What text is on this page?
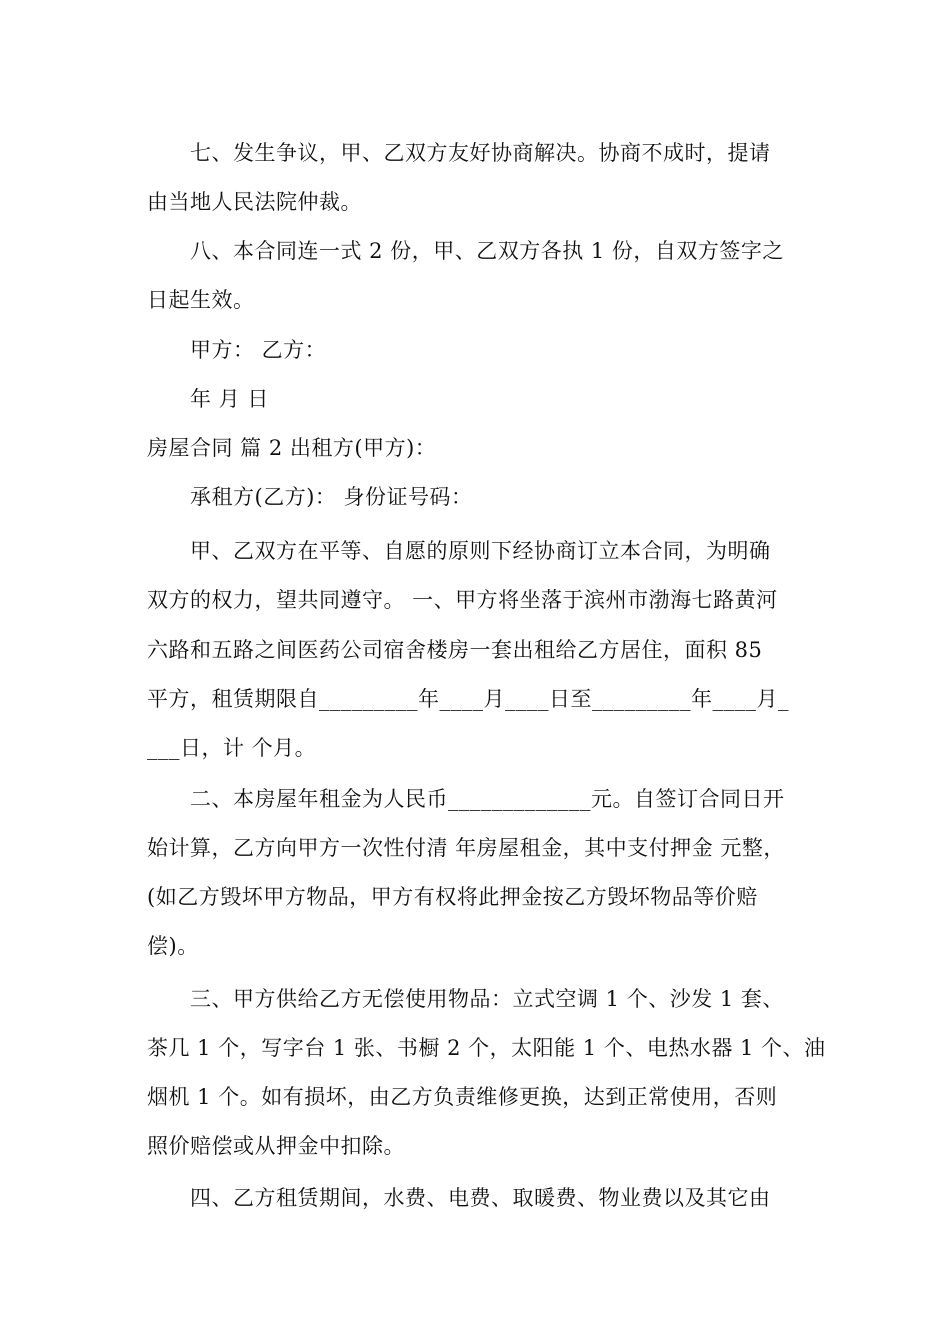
七、发生争议，甲、乙双方友好协商解决。协商不成时，提请
由当地人民法院仲裁。
八、本合同连一式 2 份，甲、乙双方各执 1 份，自双方签字之
日起生效。
甲方： 乙方：
年 月 日
房屋合同 篇 2 出租方(甲方)：
承租方(乙方)： 身份证号码：
甲、乙双方在平等、自愿的原则下经协商订立本合同，为明确
双方的权力，望共同遵守。 一、甲方将坐落于滨州市渤海七路黄河
六路和五路之间医药公司宿舍楼房一套出租给乙方居住，面积 85
平方，租赁期限自_________年____月____日至_________年____月_
___日，计 个月。
二、本房屋年租金为人民币_____________元。自签订合同日开
始计算，乙方向甲方一次性付清 年房屋租金，其中支付押金 元整，
(如乙方毁坏甲方物品，甲方有权将此押金按乙方毁坏物品等价赔
偿)。
三、甲方供给乙方无偿使用物品：立式空调 1 个、沙发 1 套、
茶几 1 个，写字台 1 张、书橱 2 个，太阳能 1 个、电热水器 1 个、油
烟机 1 个。如有损坏，由乙方负责维修更换，达到正常使用，否则
照价赔偿或从押金中扣除。
四、乙方租赁期间，水费、电费、取暖费、物业费以及其它由
